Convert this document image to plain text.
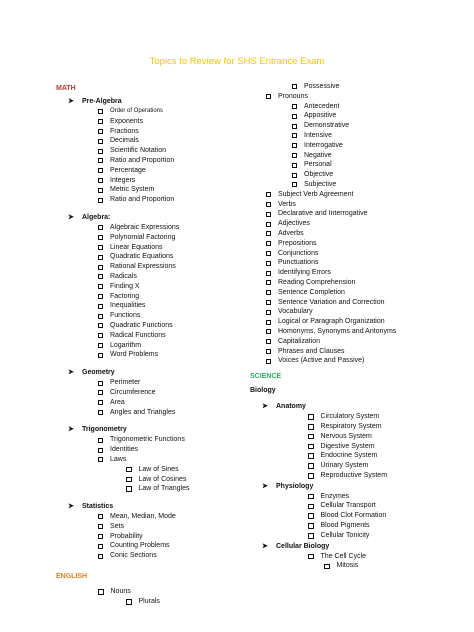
Topics to Review for SHS Entrance Exam
MATH
➤	Pre-Algebra
Order of Operations
Exponents
Fractions
Decimals
Scientific Notation
Ratio and Proportion
Percentage
Integers
Metric System
Ratio and Proportion
➤	Algebra:
Algebraic Expressions
Polynomial Factoring
Linear Equations
Quadratic Equations
Rational Expressions
Radicals
Finding X
Factoring
Inequalities
Functions
Quadratic Functions
Radical Functions
Logarithm
Word Problems
➤	Geometry
Perimeter
Circumference
Area
Angles and Triangles
➤	Trigonometry
Trigonometric Functions
Identities
Laws
Law of Sines
Law of Cosines
Law of Triangles
➤	Statistics
Mean, Median, Mode
Sets
Probability
Counting Problems
Conic Sections
ENGLISH
Nouns
Plurals
Possessive
Pronouns
Antecedent
Appositive
Demonstrative
Intensive
Interrogative
Negative
Personal
Objective
Subjective
Subject Verb Agreement
Verbs
Declarative and Interrogative
Adjectives
Adverbs
Prepositions
Conjunctions
Punctuations
Identifying Errors
Reading Comprehension
Sentence Completion
Sentence Variation and Correction
Vocabulary
Logical or Paragraph Organization
Homonyms, Synonyms and Antonyms
Capitalization
Phrases and Clauses
Voices (Active and Passive)
SCIENCE
Biology
➤	Anatomy
Circulatory System
Respiratory System
Nervous System
Digestive System
Endocrine System
Urinary System
Reproductive System
➤	Physiology
Enzymes
Cellular Transport
Blood Clot Formation
Blood Pigments
Cellular Tonicity
➤	Cellular Biology
The Cell Cycle
Mitosis
